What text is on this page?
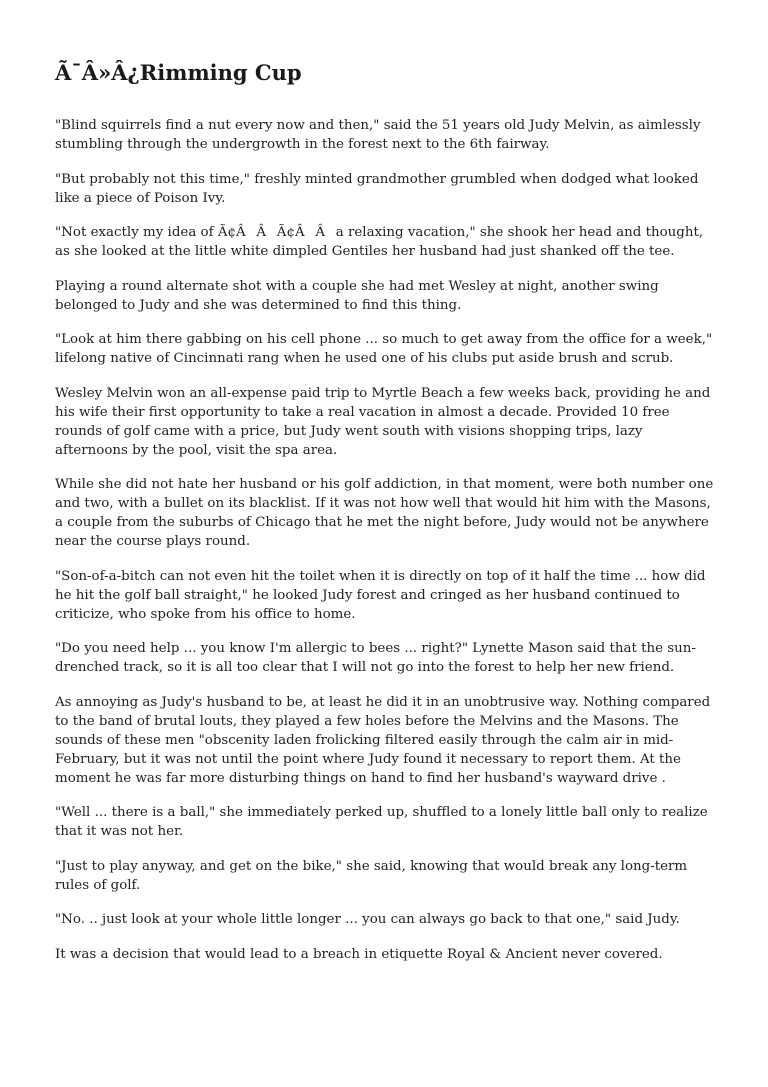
Ã¯Â»Â¿Rimming Cup

"Blind squirrels find a nut every now and then," said the 51 years old Judy Melvin, as aimlessly stumbling through the undergrowth in the forest next to the 6th fairway.

"But probably not this time," freshly minted grandmother grumbled when dodged what looked like a piece of Poison Ivy.

"Not exactly my idea of Ã¢ÂÂÃ¢ÂÂa relaxing vacation," she shook her head and thought, as she looked at the little white dimpled Gentiles her husband had just shanked off the tee.

Playing a round alternate shot with a couple she had met Wesley at night, another swing belonged to Judy and she was determined to find this thing.

"Look at him there gabbing on his cell phone ... so much to get away from the office for a week," lifelong native of Cincinnati rang when he used one of his clubs put aside brush and scrub.

Wesley Melvin won an all-expense paid trip to Myrtle Beach a few weeks back, providing he and his wife their first opportunity to take a real vacation in almost a decade. Provided 10 free rounds of golf came with a price, but Judy went south with visions shopping trips, lazy afternoons by the pool, visit the spa area.

While she did not hate her husband or his golf addiction, in that moment, were both number one and two, with a bullet on its blacklist. If it was not how well that would hit him with the Masons, a couple from the suburbs of Chicago that he met the night before, Judy would not be anywhere near the course plays round.

"Son-of-a-bitch can not even hit the toilet when it is directly on top of it half the time ... how did he hit the golf ball straight," he looked Judy forest and cringed as her husband continued to criticize, who spoke from his office to home.

"Do you need help ... you know I'm allergic to bees ... right?" Lynette Mason said that the sun-drenched track, so it is all too clear that I will not go into the forest to help her new friend.

As annoying as Judy's husband to be, at least he did it in an unobtrusive way. Nothing compared to the band of brutal louts, they played a few holes before the Melvins and the Masons. The sounds of these men "obscenity laden frolicking filtered easily through the calm air in mid-February, but it was not until the point where Judy found it necessary to report them. At the moment he was far more disturbing things on hand to find her husband's wayward drive .

"Well ... there is a ball," she immediately perked up, shuffled to a lonely little ball only to realize that it was not her.

"Just to play anyway, and get on the bike," she said, knowing that would break any long-term rules of golf.

"No. .. just look at your whole little longer ... you can always go back to that one," said Judy.

It was a decision that would lead to a breach in etiquette Royal & Ancient never covered.
